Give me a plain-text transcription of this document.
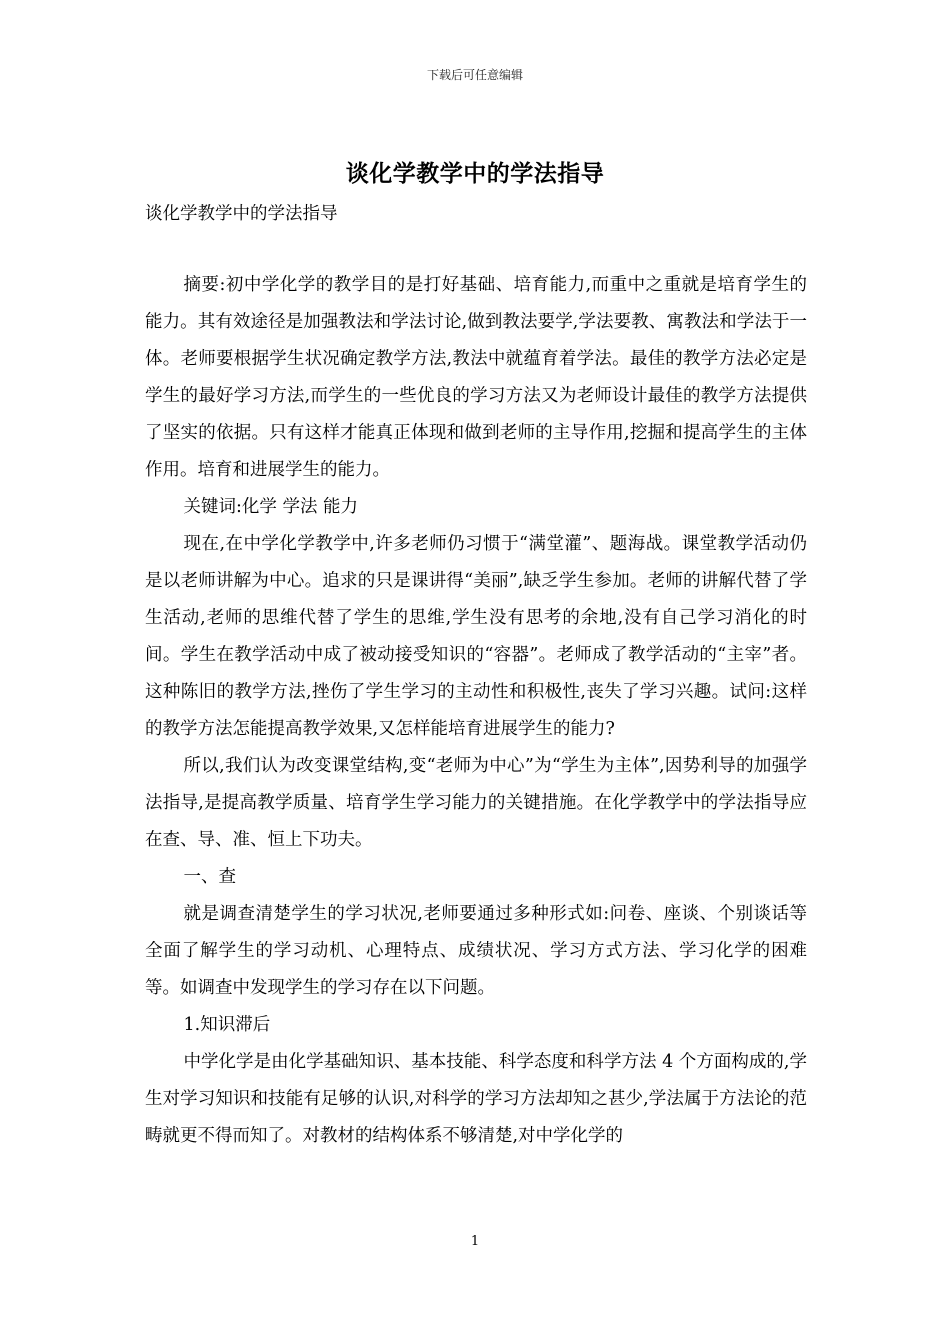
下载后可任意编辑
谈化学教学中的学法指导

谈化学教学中的学法指导

摘要:初中学化学的教学目的是打好基础、培育能力,而重中之重就是培育学生的能力。其有效途径是加强教法和学法讨论,做到教法要学,学法要教、寓教法和学法于一体。老师要根据学生状况确定教学方法,教法中就蕴育着学法。最佳的教学方法必定是学生的最好学习方法,而学生的一些优良的学习方法又为老师设计最佳的教学方法提供了坚实的依据。只有这样才能真正体现和做到老师的主导作用,挖掘和提高学生的主体作用。培育和进展学生的能力。

关键词:化学 学法 能力

现在,在中学化学教学中,许多老师仍习惯于“满堂灌”、题海战。课堂教学活动仍是以老师讲解为中心。追求的只是课讲得“美丽”,缺乏学生参加。老师的讲解代替了学生活动,老师的思维代替了学生的思维,学生没有思考的余地,没有自己学习消化的时间。学生在教学活动中成了被动接受知识的“容器”。老师成了教学活动的“主宰”者。这种陈旧的教学方法,挫伤了学生学习的主动性和积极性,丧失了学习兴趣。试问:这样的教学方法怎能提高教学效果,又怎样能培育进展学生的能力?

所以,我们认为改变课堂结构,变“老师为中心”为“学生为主体”,因势利导的加强学法指导,是提高教学质量、培育学生学习能力的关键措施。在化学教学中的学法指导应在查、导、准、恒上下功夫。

一、查

就是调查清楚学生的学习状况,老师要通过多种形式如:问卷、座谈、个别谈话等全面了解学生的学习动机、心理特点、成绩状况、学习方式方法、学习化学的困难等。如调查中发现学生的学习存在以下问题。

1.知识滞后

中学化学是由化学基础知识、基本技能、科学态度和科学方法 4 个方面构成的,学生对学习知识和技能有足够的认识,对科学的学习方法却知之甚少,学法属于方法论的范畴就更不得而知了。对教材的结构体系不够清楚,对中学化学的

1
